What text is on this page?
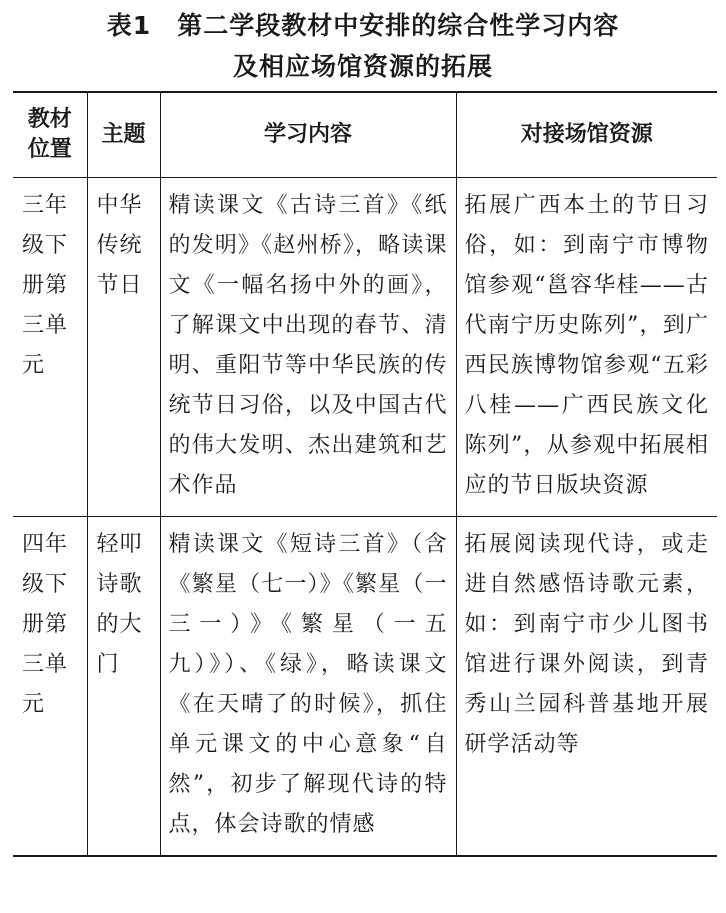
表1　第二学段教材中安排的综合性学习内容
及相应场馆资源的拓展
教材位置	主题	学习内容	对接场馆资源
三年级下册第三单元	中华传统节日	精读课文《古诗三首》《纸的发明》《赵州桥》，略读课文《一幅名扬中外的画》，了解课文中出现的春节、清明、重阳节等中华民族的传统节日习俗，以及中国古代的伟大发明、杰出建筑和艺术作品	拓展广西本土的节日习俗，如：到南宁市博物馆参观“邕容华桂——古代南宁历史陈列”，到广西民族博物馆参观“五彩八桂——广西民族文化陈列”，从参观中拓展相应的节日版块资源
四年级下册第三单元	轻叩诗歌的大门	精读课文《短诗三首》（含《繁星（七一）》《繁星（一三一）》《繁星（一五九）》）、《绿》，略读课文《在天晴了的时候》，抓住单元课文的中心意象“自然”，初步了解现代诗的特点，体会诗歌的情感	拓展阅读现代诗，或走进自然感悟诗歌元素，如：到南宁市少儿图书馆进行课外阅读，到青秀山兰园科普基地开展研学活动等
